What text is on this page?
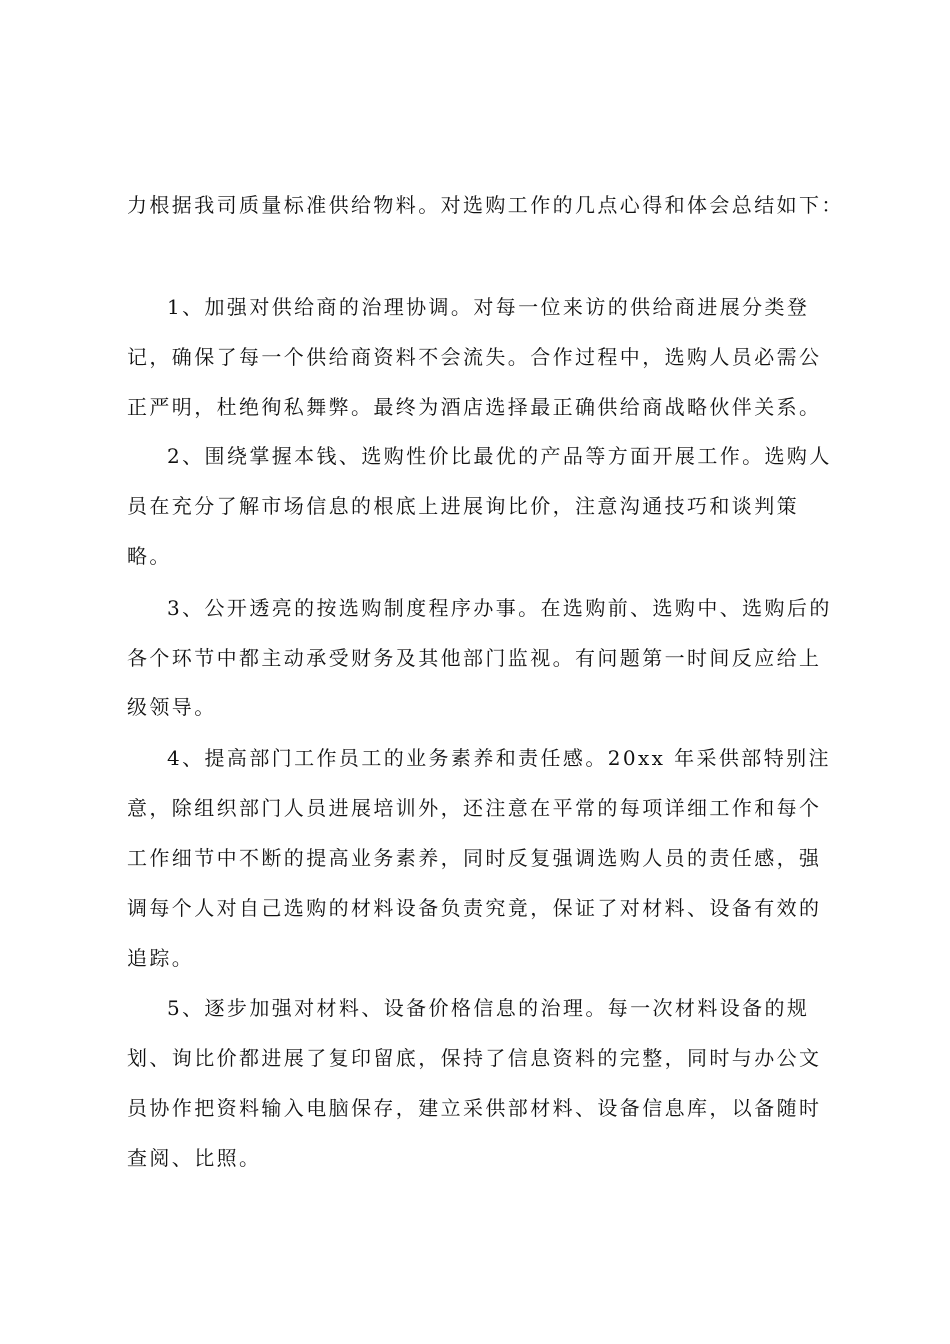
力根据我司质量标准供给物料。对选购工作的几点心得和体会总结如下：
1、加强对供给商的治理协调。对每一位来访的供给商进展分类登
记，确保了每一个供给商资料不会流失。合作过程中，选购人员必需公
正严明，杜绝徇私舞弊。最终为酒店选择最正确供给商战略伙伴关系。
2、围绕掌握本钱、选购性价比最优的产品等方面开展工作。选购人
员在充分了解市场信息的根底上进展询比价，注意沟通技巧和谈判策
略。
3、公开透亮的按选购制度程序办事。在选购前、选购中、选购后的
各个环节中都主动承受财务及其他部门监视。有问题第一时间反应给上
级领导。
4、提高部门工作员工的业务素养和责任感。20xx 年采供部特别注
意，除组织部门人员进展培训外，还注意在平常的每项详细工作和每个
工作细节中不断的提高业务素养，同时反复强调选购人员的责任感，强
调每个人对自己选购的材料设备负责究竟，保证了对材料、设备有效的
追踪。
5、逐步加强对材料、设备价格信息的治理。每一次材料设备的规
划、询比价都进展了复印留底，保持了信息资料的完整，同时与办公文
员协作把资料输入电脑保存，建立采供部材料、设备信息库，以备随时
查阅、比照。
